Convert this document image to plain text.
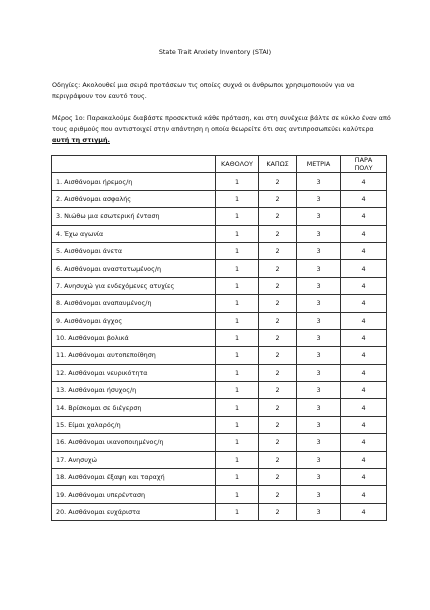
State Trait Anxiety Inventory (STAI)
Οδηγίες: Ακολουθεί μια σειρά προτάσεων τις οποίες συχνά οι άνθρωποι χρησιμοποιούν για να περιγράψουν τον εαυτό τους.
Μέρος 1ο: Παρακαλούμε διαβάστε προσεκτικά κάθε πρόταση, και στη συνέχεια βάλτε σε κύκλο έναν από τους αριθμούς που αντιστοιχεί στην απάντηση η οποία θεωρείτε ότι σας αντιπροσωπεύει καλύτερα αυτή τη στιγμή.
	ΚΑΘΟΛΟΥ	ΚΑΠΩΣ	ΜΕΤΡΙΑ	ΠΑΡΑ ΠΟΛΥ
1. Αισθάνομαι ήρεμος/η	1	2	3	4
2. Αισθάνομαι ασφαλής	1	2	3	4
3. Νιώθω μια εσωτερική ένταση	1	2	3	4
4. Έχω αγωνία	1	2	3	4
5. Αισθάνομαι άνετα	1	2	3	4
6. Αισθάνομαι αναστατωμένος/η	1	2	3	4
7. Ανησυχώ για ενδεχόμενες ατυχίες	1	2	3	4
8. Αισθάνομαι αναπαυμένος/η	1	2	3	4
9. Αισθάνομαι άγχος	1	2	3	4
10. Αισθάνομαι βολικά	1	2	3	4
11. Αισθάνομαι αυτοπεποίθηση	1	2	3	4
12. Αισθάνομαι νευρικότητα	1	2	3	4
13. Αισθάνομαι ήσυχος/η	1	2	3	4
14. Βρίσκομαι σε διέγερση	1	2	3	4
15. Είμαι χαλαρός/η	1	2	3	4
16. Αισθάνομαι ικανοποιημένος/η	1	2	3	4
17. Ανησυχώ	1	2	3	4
18. Αισθάνομαι έξαψη και ταραχή	1	2	3	4
19. Αισθάνομαι υπερένταση	1	2	3	4
20. Αισθάνομαι ευχάριστα	1	2	3	4
